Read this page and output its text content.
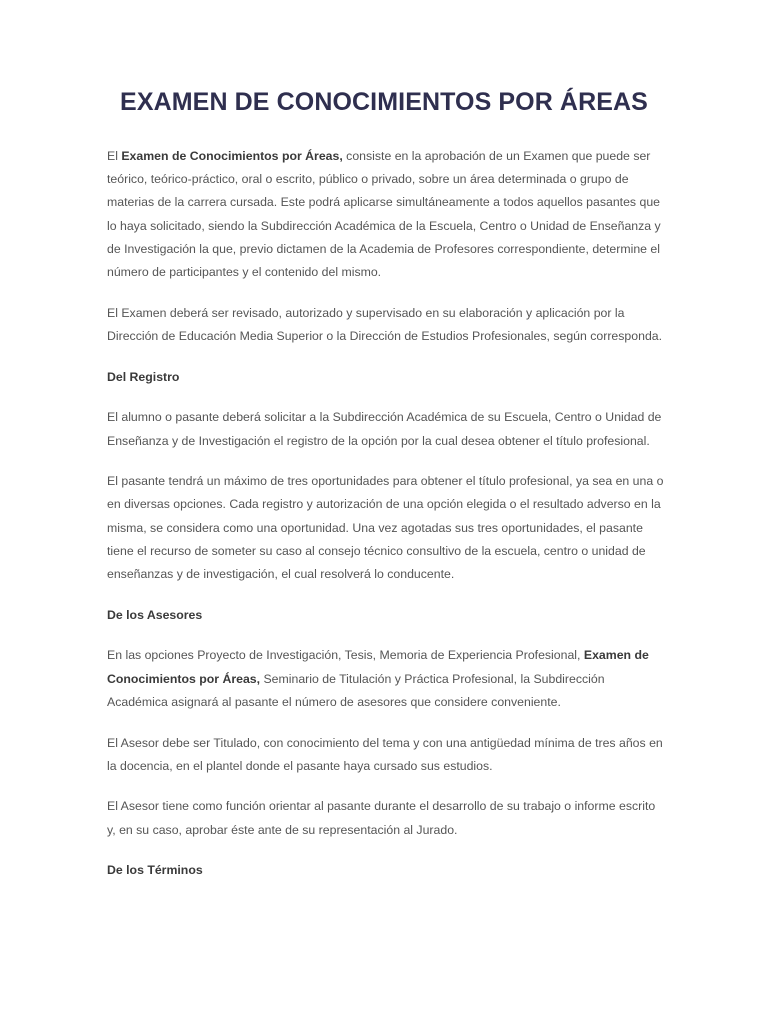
EXAMEN DE CONOCIMIENTOS POR ÁREAS

El Examen de Conocimientos por Áreas, consiste en la aprobación de un Examen que puede ser teórico, teórico-práctico, oral o escrito, público o privado, sobre un área determinada o grupo de materias de la carrera cursada. Este podrá aplicarse simultáneamente a todos aquellos pasantes que lo haya solicitado, siendo la Subdirección Académica de la Escuela, Centro o Unidad de Enseñanza y de Investigación la que, previo dictamen de la Academia de Profesores correspondiente, determine el número de participantes y el contenido del mismo.

El Examen deberá ser revisado, autorizado y supervisado en su elaboración y aplicación por la Dirección de Educación Media Superior o la Dirección de Estudios Profesionales, según corresponda.

Del Registro

El alumno o pasante deberá solicitar a la Subdirección Académica de su Escuela, Centro o Unidad de Enseñanza y de Investigación el registro de la opción por la cual desea obtener el título profesional.

El pasante tendrá un máximo de tres oportunidades para obtener el título profesional, ya sea en una o en diversas opciones. Cada registro y autorización de una opción elegida o el resultado adverso en la misma, se considera como una oportunidad. Una vez agotadas sus tres oportunidades, el pasante tiene el recurso de someter su caso al consejo técnico consultivo de la escuela, centro o unidad de enseñanzas y de investigación, el cual resolverá lo conducente.

De los Asesores

En las opciones Proyecto de Investigación, Tesis, Memoria de Experiencia Profesional, Examen de Conocimientos por Áreas, Seminario de Titulación y Práctica Profesional, la Subdirección Académica asignará al pasante el número de asesores que considere conveniente.

El Asesor debe ser Titulado, con conocimiento del tema y con una antigüedad mínima de tres años en la docencia, en el plantel donde el pasante haya cursado sus estudios.

El Asesor tiene como función orientar al pasante durante el desarrollo de su trabajo o informe escrito y, en su caso, aprobar éste ante de su representación al Jurado.

De los Términos
